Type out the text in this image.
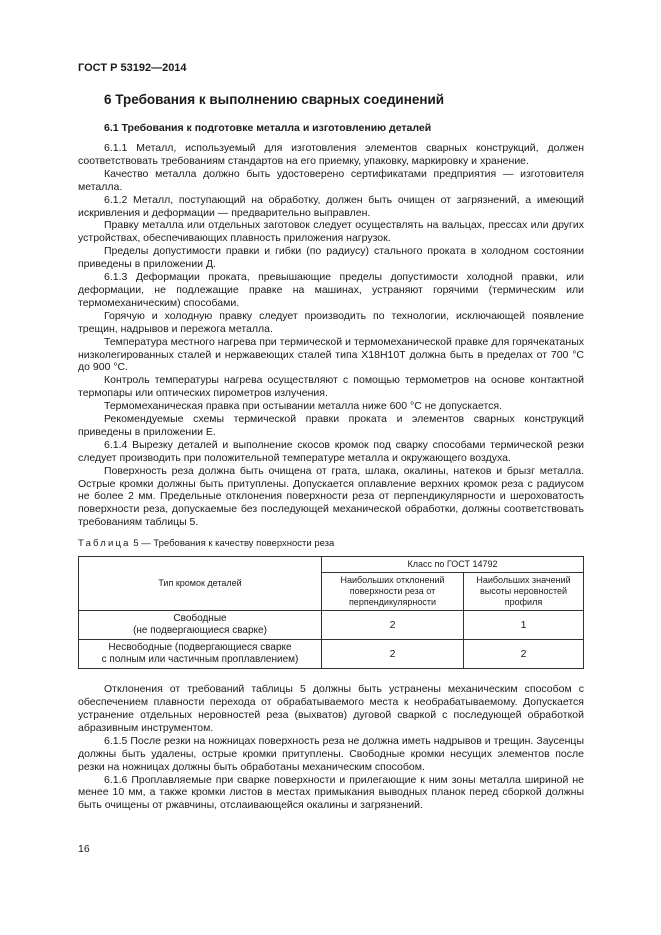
ГОСТ Р 53192—2014
6 Требования к выполнению сварных соединений
6.1 Требования к подготовке металла и изготовлению деталей

6.1.1 Металл, используемый для изготовления элементов сварных конструкций, должен соответствовать требованиям стандартов на его приемку, упаковку, маркировку и хранение.

Качество металла должно быть удостоверено сертификатами предприятия — изготовителя металла.

6.1.2 Металл, поступающий на обработку, должен быть очищен от загрязнений, а имеющий искривления и деформации — предварительно выправлен.

Правку металла или отдельных заготовок следует осуществлять на вальцах, прессах или других устройствах, обеспечивающих плавность приложения нагрузок.

Пределы допустимости правки и гибки (по радиусу) стального проката в холодном состоянии приведены в приложении Д.

6.1.3 Деформации проката, превышающие пределы допустимости холодной правки, или деформации, не подлежащие правке на машинах, устраняют горячими (термическим или термомеханическим) способами.

Горячую и холодную правку следует производить по технологии, исключающей появление трещин, надрывов и пережога металла.

Температура местного нагрева при термической и термомеханической правке для горячекатаных низколегированных сталей и нержавеющих сталей типа Х18Н10Т должна быть в пределах от 700 °С до 900 °С.

Контроль температуры нагрева осуществляют с помощью термометров на основе контактной термопары или оптических пирометров излучения.

Термомеханическая правка при остывании металла ниже 600 °С не допускается.

Рекомендуемые схемы термической правки проката и элементов сварных конструкций приведены в приложении Е.

6.1.4 Вырезку деталей и выполнение скосов кромок под сварку способами термической резки следует производить при положительной температуре металла и окружающего воздуха.

Поверхность реза должна быть очищена от грата, шлака, окалины, натеков и брызг металла. Острые кромки должны быть притуплены. Допускается оплавление верхних кромок реза с радиусом не более 2 мм. Предельные отклонения поверхности реза от перпендикулярности и шероховатость поверхности реза, допускаемые без последующей механической обработки, должны соответствовать требованиям таблицы 5.

Таблица 5 — Требования к качеству поверхности реза
Тип кромок деталей	Класс по ГОСТ 14792	
	Наибольших отклонений поверхности реза от перпендикулярности	Наибольших значений высоты неровностей профиля
Свободные
(не подвергающиеся сварке)	2	1
Несвободные (подвергающиеся сварке
с полным или частичным проплавлением)	2	2

Отклонения от требований таблицы 5 должны быть устранены механическим способом с обеспечением плавности перехода от обрабатываемого места к необрабатываемому. Допускается устранение отдельных неровностей реза (выхватов) дуговой сваркой с последующей обработкой абразивным инструментом.

6.1.5 После резки на ножницах поверхность реза не должна иметь надрывов и трещин. Заусенцы должны быть удалены, острые кромки притуплены. Свободные кромки несущих элементов после резки на ножницах должны быть обработаны механическим способом.

6.1.6 Проплавляемые при сварке поверхности и прилегающие к ним зоны металла шириной не менее 10 мм, а также кромки листов в местах примыкания выводных планок перед сборкой должны быть очищены от ржавчины, отслаивающейся окалины и загрязнений.

16
